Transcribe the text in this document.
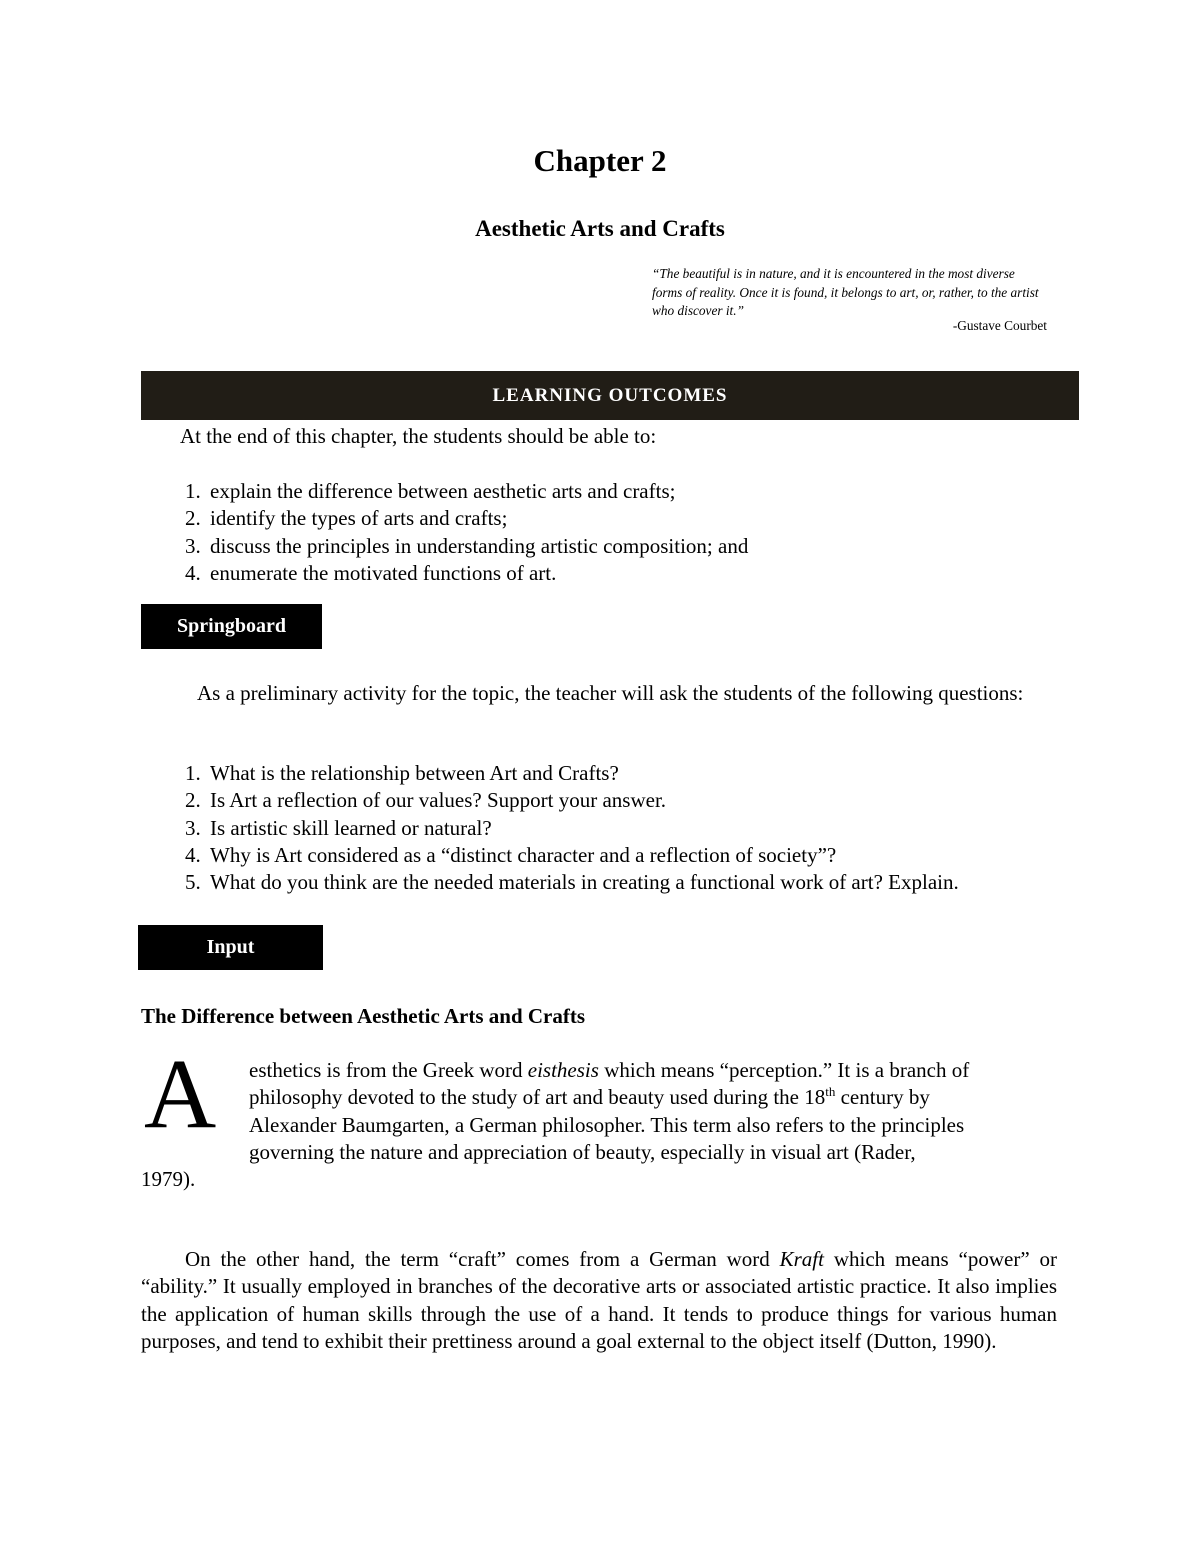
Chapter 2
Aesthetic Arts and Crafts
“The beautiful is in nature, and it is encountered in the most diverse forms of reality. Once it is found, it belongs to art, or, rather, to the artist who discover it.”
-Gustave Courbet
LEARNING OUTCOMES
At the end of this chapter, the students should be able to:
1. explain the difference between aesthetic arts and crafts;
2. identify the types of arts and crafts;
3. discuss the principles in understanding artistic composition; and
4. enumerate the motivated functions of art.
Springboard

As a preliminary activity for the topic, the teacher will ask the students of the following questions:

1. What is the relationship between Art and Crafts?
2. Is Art a reflection of our values? Support your answer.
3. Is artistic skill learned or natural?
4. Why is Art considered as a “distinct character and a reflection of society”?
5. What do you think are the needed materials in creating a functional work of art? Explain.
Input
The Difference between Aesthetic Arts and Crafts
A	esthetics is from the Greek word eisthesis which means “perception.” It is a branch of
philosophy devoted to the study of art and beauty used during the 18th century by
Alexander Baumgarten, a German philosopher. This term also refers to the principles
governing the nature and appreciation of beauty, especially in visual art (Rader,
1979).

On the other hand, the term “craft” comes from a German word Kraft which means “power” or “ability.” It usually employed in branches of the decorative arts or associated artistic practice. It also implies the application of human skills through the use of a hand. It tends to produce things for various human purposes, and tend to exhibit their prettiness around a goal external to the object itself (Dutton, 1990).
